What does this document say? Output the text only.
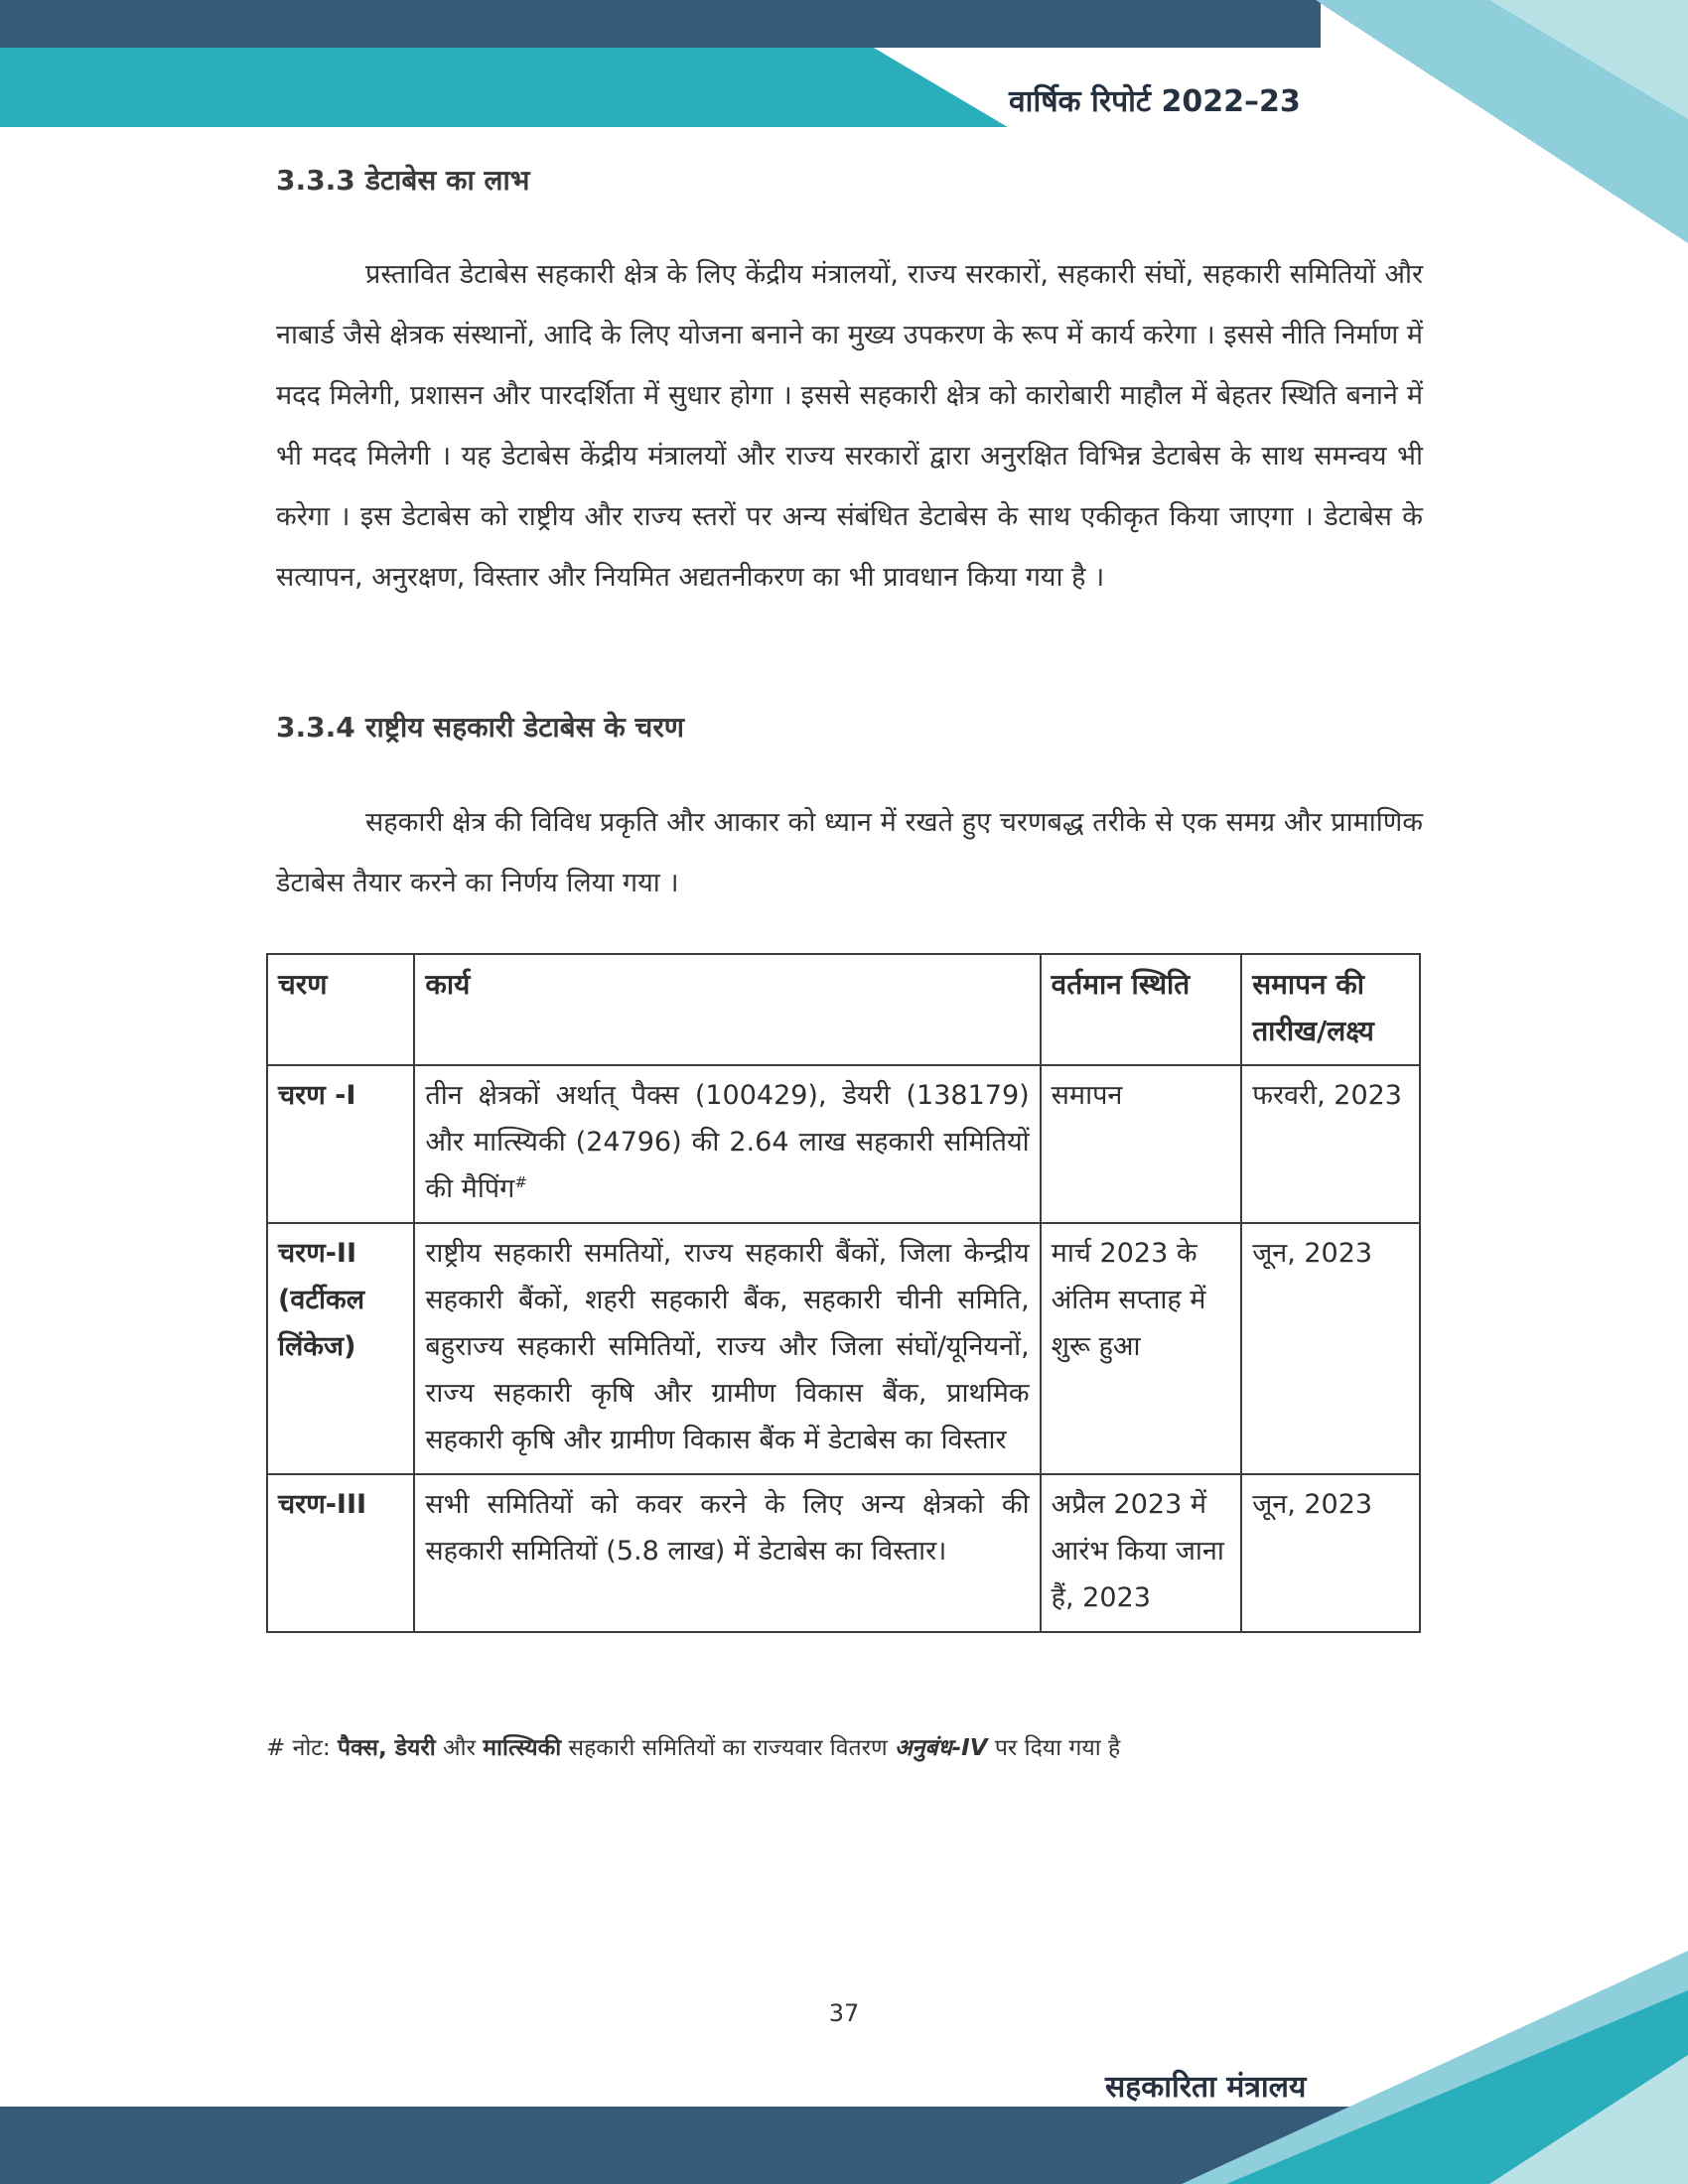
वार्षिक रिपोर्ट 2022–23
3.3.3 डेटाबेस का लाभ

प्रस्तावित डेटाबेस सहकारी क्षेत्र के लिए केंद्रीय मंत्रालयों, राज्य सरकारों, सहकारी संघों, सहकारी समितियों और नाबार्ड जैसे क्षेत्रक संस्थानों, आदि के लिए योजना बनाने का मुख्य उपकरण के रूप में कार्य करेगा । इससे नीति निर्माण में मदद मिलेगी, प्रशासन और पारदर्शिता में सुधार होगा । इससे सहकारी क्षेत्र को कारोबारी माहौल में बेहतर स्थिति बनाने में भी मदद मिलेगी । यह डेटाबेस केंद्रीय मंत्रालयों और राज्य सरकारों द्वारा अनुरक्षित विभिन्न डेटाबेस के साथ समन्वय भी करेगा । इस डेटाबेस को राष्ट्रीय और राज्य स्तरों पर अन्य संबंधित डेटाबेस के साथ एकीकृत किया जाएगा । डेटाबेस के सत्यापन, अनुरक्षण, विस्तार और नियमित अद्यतनीकरण का भी प्रावधान किया गया है ।

3.3.4 राष्ट्रीय सहकारी डेटाबेस के चरण

सहकारी क्षेत्र की विविध प्रकृति और आकार को ध्यान में रखते हुए चरणबद्ध तरीके से एक समग्र और प्रामाणिक डेटाबेस तैयार करने का निर्णय लिया गया ।

चरण	कार्य	वर्तमान स्थिति	समापन की तारीख/लक्ष्य
चरण -I	तीन क्षेत्रकों अर्थात् पैक्स (100429), डेयरी (138179) और मात्स्यिकी (24796) की 2.64 लाख सहकारी समितियों की मैपिंग#	समापन	फरवरी, 2023
चरण-II (वर्टीकल लिंकेज)	राष्ट्रीय सहकारी समतियों, राज्य सहकारी बैंकों, जिला केन्द्रीय सहकारी बैंकों, शहरी सहकारी बैंक, सहकारी चीनी समिति, बहुराज्य सहकारी समितियों, राज्य और जिला संघों/यूनियनों, राज्य सहकारी कृषि और ग्रामीण विकास बैंक, प्राथमिक सहकारी कृषि और ग्रामीण विकास बैंक में डेटाबेस का विस्तार	मार्च 2023 के अंतिम सप्ताह में शुरू हुआ	जून, 2023
चरण-III	सभी समितियों को कवर करने के लिए अन्य क्षेत्रको की सहकारी समितियों (5.8 लाख) में डेटाबेस का विस्तार।	अप्रैल 2023 में आरंभ किया जाना हैं, 2023	जून, 2023
# नोट: पैक्स, डेयरी और मात्स्यिकी सहकारी समितियों का राज्यवार वितरण अनुबंध-IV पर दिया गया है
37
सहकारिता मंत्रालय
